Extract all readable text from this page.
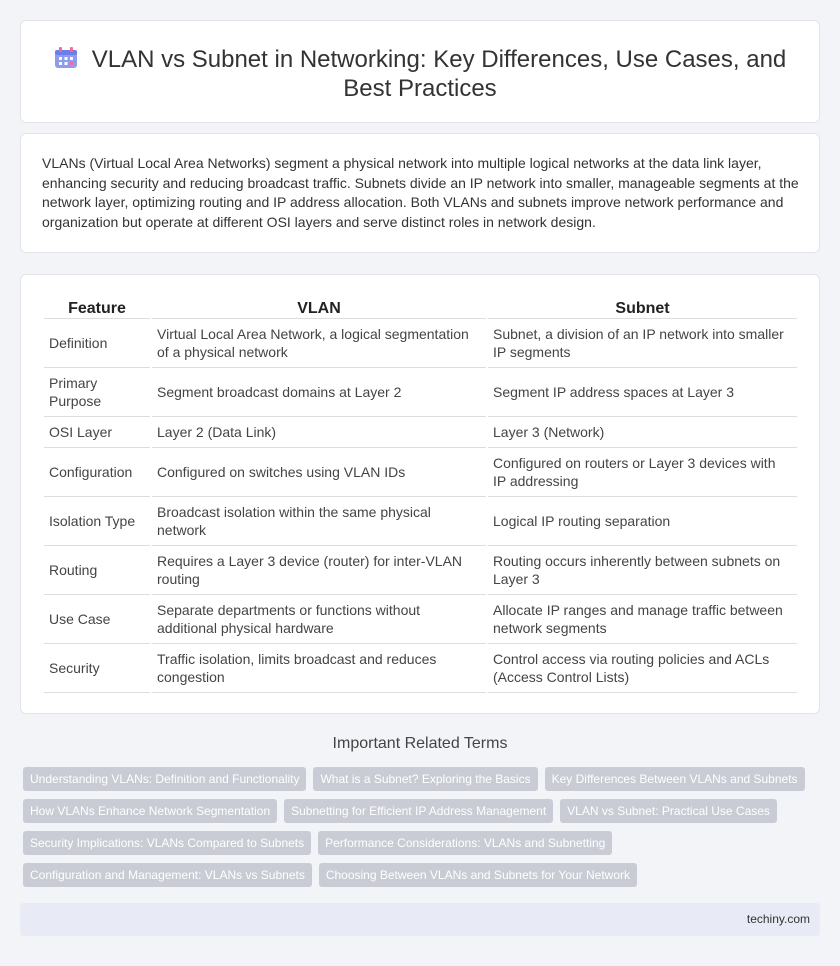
VLAN vs Subnet in Networking: Key Differences, Use Cases, and Best Practices

VLANs (Virtual Local Area Networks) segment a physical network into multiple logical networks at the data link layer, enhancing security and reducing broadcast traffic. Subnets divide an IP network into smaller, manageable segments at the network layer, optimizing routing and IP address allocation. Both VLANs and subnets improve network performance and organization but operate at different OSI layers and serve distinct roles in network design.

Feature	VLAN	Subnet
Definition	Virtual Local Area Network, a logical segmentation of a physical network	Subnet, a division of an IP network into smaller IP segments
Primary Purpose	Segment broadcast domains at Layer 2	Segment IP address spaces at Layer 3
OSI Layer	Layer 2 (Data Link)	Layer 3 (Network)
Configuration	Configured on switches using VLAN IDs	Configured on routers or Layer 3 devices with IP addressing
Isolation Type	Broadcast isolation within the same physical network	Logical IP routing separation
Routing	Requires a Layer 3 device (router) for inter-VLAN routing	Routing occurs inherently between subnets on Layer 3
Use Case	Separate departments or functions without additional physical hardware	Allocate IP ranges and manage traffic between network segments
Security	Traffic isolation, limits broadcast and reduces congestion	Control access via routing policies and ACLs (Access Control Lists)
Important Related Terms
Understanding VLANs: Definition and Functionality	What is a Subnet? Exploring the Basics	Key Differences Between VLANs and Subnets
How VLANs Enhance Network Segmentation	Subnetting for Efficient IP Address Management	VLAN vs Subnet: Practical Use Cases
Security Implications: VLANs Compared to Subnets	Performance Considerations: VLANs and Subnetting
Configuration and Management: VLANs vs Subnets	Choosing Between VLANs and Subnets for Your Network
techiny.com
